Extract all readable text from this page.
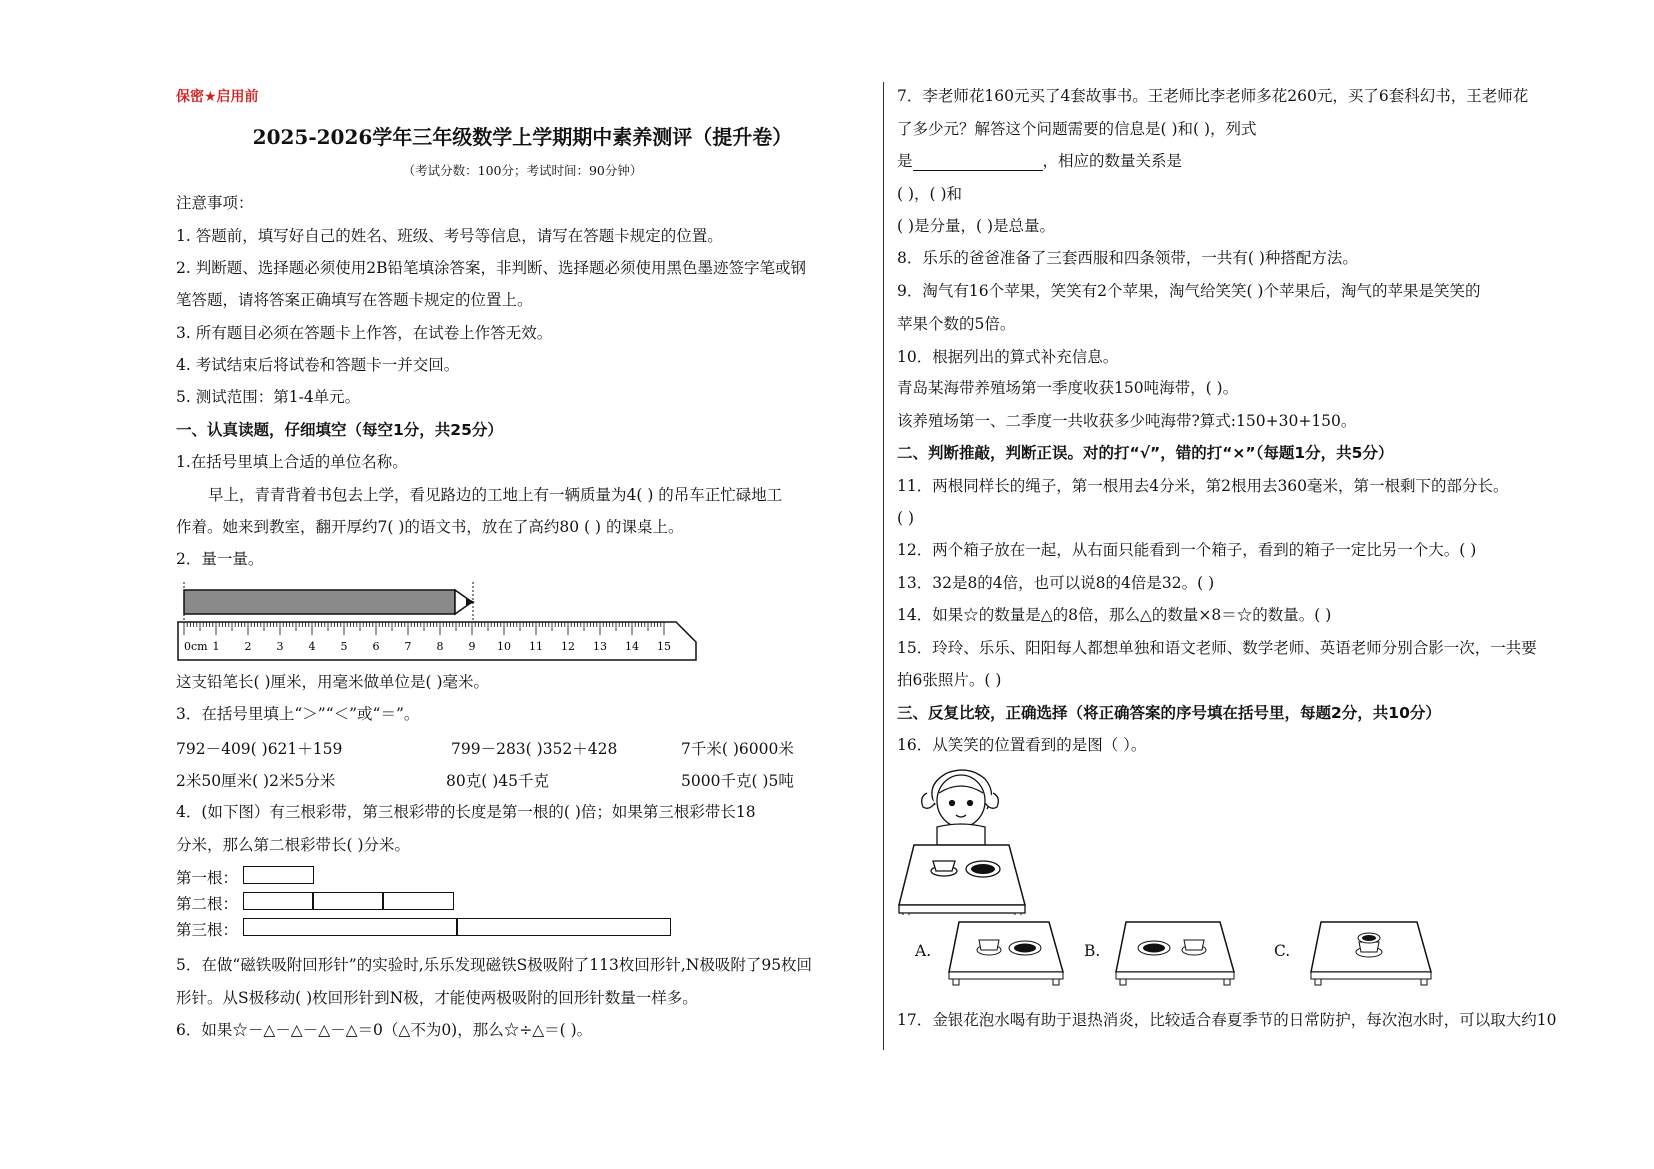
保密★启用前
2025-2026学年三年级数学上学期期中素养测评（提升卷）
（考试分数：100分；考试时间：90分钟）
注意事项：
1. 答题前，填写好自己的姓名、班级、考号等信息，请写在答题卡规定的位置。
2. 判断题、选择题必须使用2B铅笔填涂答案，非判断、选择题必须使用黑色墨迹签字笔或钢
笔答题，请将答案正确填写在答题卡规定的位置上。
3. 所有题目必须在答题卡上作答，在试卷上作答无效。
4. 考试结束后将试卷和答题卡一并交回。
5. 测试范围：第1-4单元。
一、认真读题，仔细填空（每空1分，共25分）
1.在括号里填上合适的单位名称。
早上，青青背着书包去上学，看见路边的工地上有一辆质量为4( ) 的吊车正忙碌地工
作着。她来到教室，翻开厚约7( )的语文书，放在了高约80 ( ) 的课桌上。
2．量一量。
0cm 1 2 3 4 5 6 7 8 9 10 11 12 13 14 15
这支铅笔长( )厘米，用毫米做单位是( )毫米。
3．在括号里填上“＞”“＜”或“＝”。
792－409( )621＋159	799－283( )352＋428	7千米( )6000米
2米50厘米( )2米5分米	80克( )45千克	5000千克( )5吨
4．(如下图）有三根彩带，第三根彩带的长度是第一根的( )倍；如果第三根彩带长18
分米，那么第二根彩带长( )分米。
第一根：
第二根：
第三根：
5．在做“磁铁吸附回形针”的实验时,乐乐发现磁铁S极吸附了113枚回形针,N极吸附了95枚回
形针。从S极移动( )枚回形针到N极，才能使两极吸附的回形针数量一样多。
6．如果☆－△－△－△－△＝0（△不为0)，那么☆÷△＝( )。
7．李老师花160元买了4套故事书。王老师比李老师多花260元，买了6套科幻书，王老师花
了多少元？解答这个问题需要的信息是( )和( )，列式
是	，相应的数量关系是
( )，( )和
( )是分量，( )是总量。
8．乐乐的爸爸准备了三套西服和四条领带，一共有( )种搭配方法。
9．淘气有16个苹果，笑笑有2个苹果，淘气给笑笑( )个苹果后，淘气的苹果是笑笑的
苹果个数的5倍。
10．根据列出的算式补充信息。
青岛某海带养殖场第一季度收获150吨海带，( )。
该养殖场第一、二季度一共收获多少吨海带?算式:150+30+150。
二、判断推敲，判断正误。对的打“√”，错的打“×”（每题1分，共5分）
11．两根同样长的绳子，第一根用去4分米，第2根用去360毫米，第一根剩下的部分长。
( )
12．两个箱子放在一起，从右面只能看到一个箱子，看到的箱子一定比另一个大。( )
13．32是8的4倍，也可以说8的4倍是32。( )
14．如果☆的数量是△的8倍，那么△的数量×8＝☆的数量。( )
15．玲玲、乐乐、阳阳每人都想单独和语文老师、数学老师、英语老师分别合影一次，一共要
拍6张照片。( )
三、反复比较，正确选择（将正确答案的序号填在括号里，每题2分，共10分）
16．从笑笑的位置看到的是图（ ）。
A.	B.	C.
17．金银花泡水喝有助于退热消炎，比较适合春夏季节的日常防护，每次泡水时，可以取大约10
